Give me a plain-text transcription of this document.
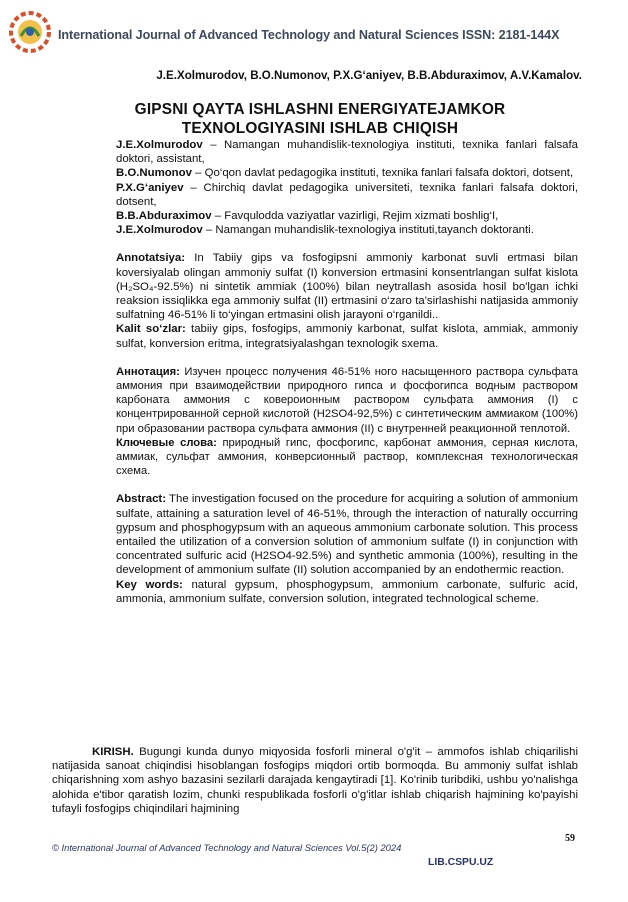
International Journal of Advanced Technology and Natural Sciences ISSN: 2181-144X
J.E.Xolmurodov, B.O.Numonov, P.X.G‘aniyev, B.B.Abduraximov, A.V.Kamalov.
GIPSNI QAYTA ISHLASHNI ENERGIYATEJAMKOR
TEXNOLOGIYASINI ISHLAB CHIQISH

J.E.Xolmurodov – Namangan muhandislik-texnologiya instituti, texnika fanlari falsafa doktori, assistant,

B.O.Numonov – Qo‘qon davlat pedagogika instituti, texnika fanlari falsafa doktori, dotsent,

P.X.G‘aniyev – Chirchiq davlat pedagogika universiteti, texnika fanlari falsafa doktori, dotsent,

B.B.Abduraximov – Favqulodda vaziyatlar vazirligi, Rejim xizmati boshlig‘I,

J.E.Xolmurodov – Namangan muhandislik-texnologiya instituti,tayanch doktoranti.

Annotatsiya: In Tabiiy gips va fosfogipsni ammoniy karbonat suvli ertmasi bilan koversiyalab olingan ammoniy sulfat (I) konversion ertmasini konsentrlangan sulfat kislota (H₂SO₄-92.5%) ni sintetik ammiak (100%) bilan neytrallash asosida hosil bo'lgan ichki reaksion issiqlikka ega ammoniy sulfat (II) ertmasini o‘zaro ta'sirlashishi natijasida ammoniy sulfatning 46-51% li to‘yingan ertmasini olish jarayoni o‘rganildi..

Kalit so‘zlar: tabiiy gips, fosfogips, ammoniy karbonat, sulfat kislota, ammiak, ammoniy sulfat, konversion eritma, integratsiyalashgan texnologik sxema.

Аннотация: Изучен процесс получения 46-51% ного насыщенного раствора сульфата аммония при взаимодействии природного гипса и фосфогипса водным раствором карбоната аммония с ковероионным раствором сульфата аммония (I) с концентрированной серной кислотой (H2SO4-92,5%) с синтетическим аммиаком (100%) при образовании раствора сульфата аммония (II) с внутренней реакционной теплотой.

Ключевые слова: природный гипс, фосфогипс, карбонат аммония, серная кислота, аммиак, сульфат аммония, конверсионный раствор, комплексная технологическая схема.

Abstract: The investigation focused on the procedure for acquiring a solution of ammonium sulfate, attaining a saturation level of 46-51%, through the interaction of naturally occurring gypsum and phosphogypsum with an aqueous ammonium carbonate solution. This process entailed the utilization of a conversion solution of ammonium sulfate (I) in conjunction with concentrated sulfuric acid (H2SO4-92.5%) and synthetic ammonia (100%), resulting in the development of ammonium sulfate (II) solution accompanied by an endothermic reaction.

Key words: natural gypsum, phosphogypsum, ammonium carbonate, sulfuric acid, ammonia, ammonium sulfate, conversion solution, integrated technological scheme.

KIRISH. Bugungi kunda dunyo miqyosida fosforli mineral o'g'it – ammofos ishlab chiqarilishi natijasida sanoat chiqindisi hisoblangan fosfogips miqdori ortib bormoqda. Bu ammoniy sulfat ishlab chiqarishning xom ashyo bazasini sezilarli darajada kengaytiradi [1]. Ko'rinib turibdiki, ushbu yo'nalishga alohida e'tibor qaratish lozim, chunki respublikada fosforli o'g'itlar ishlab chiqarish hajmining ko'payishi tufayli fosfogips chiqindilari hajmining

59
© International Journal of Advanced Technology and Natural Sciences Vol.5(2) 2024
LIB.CSPU.UZ
